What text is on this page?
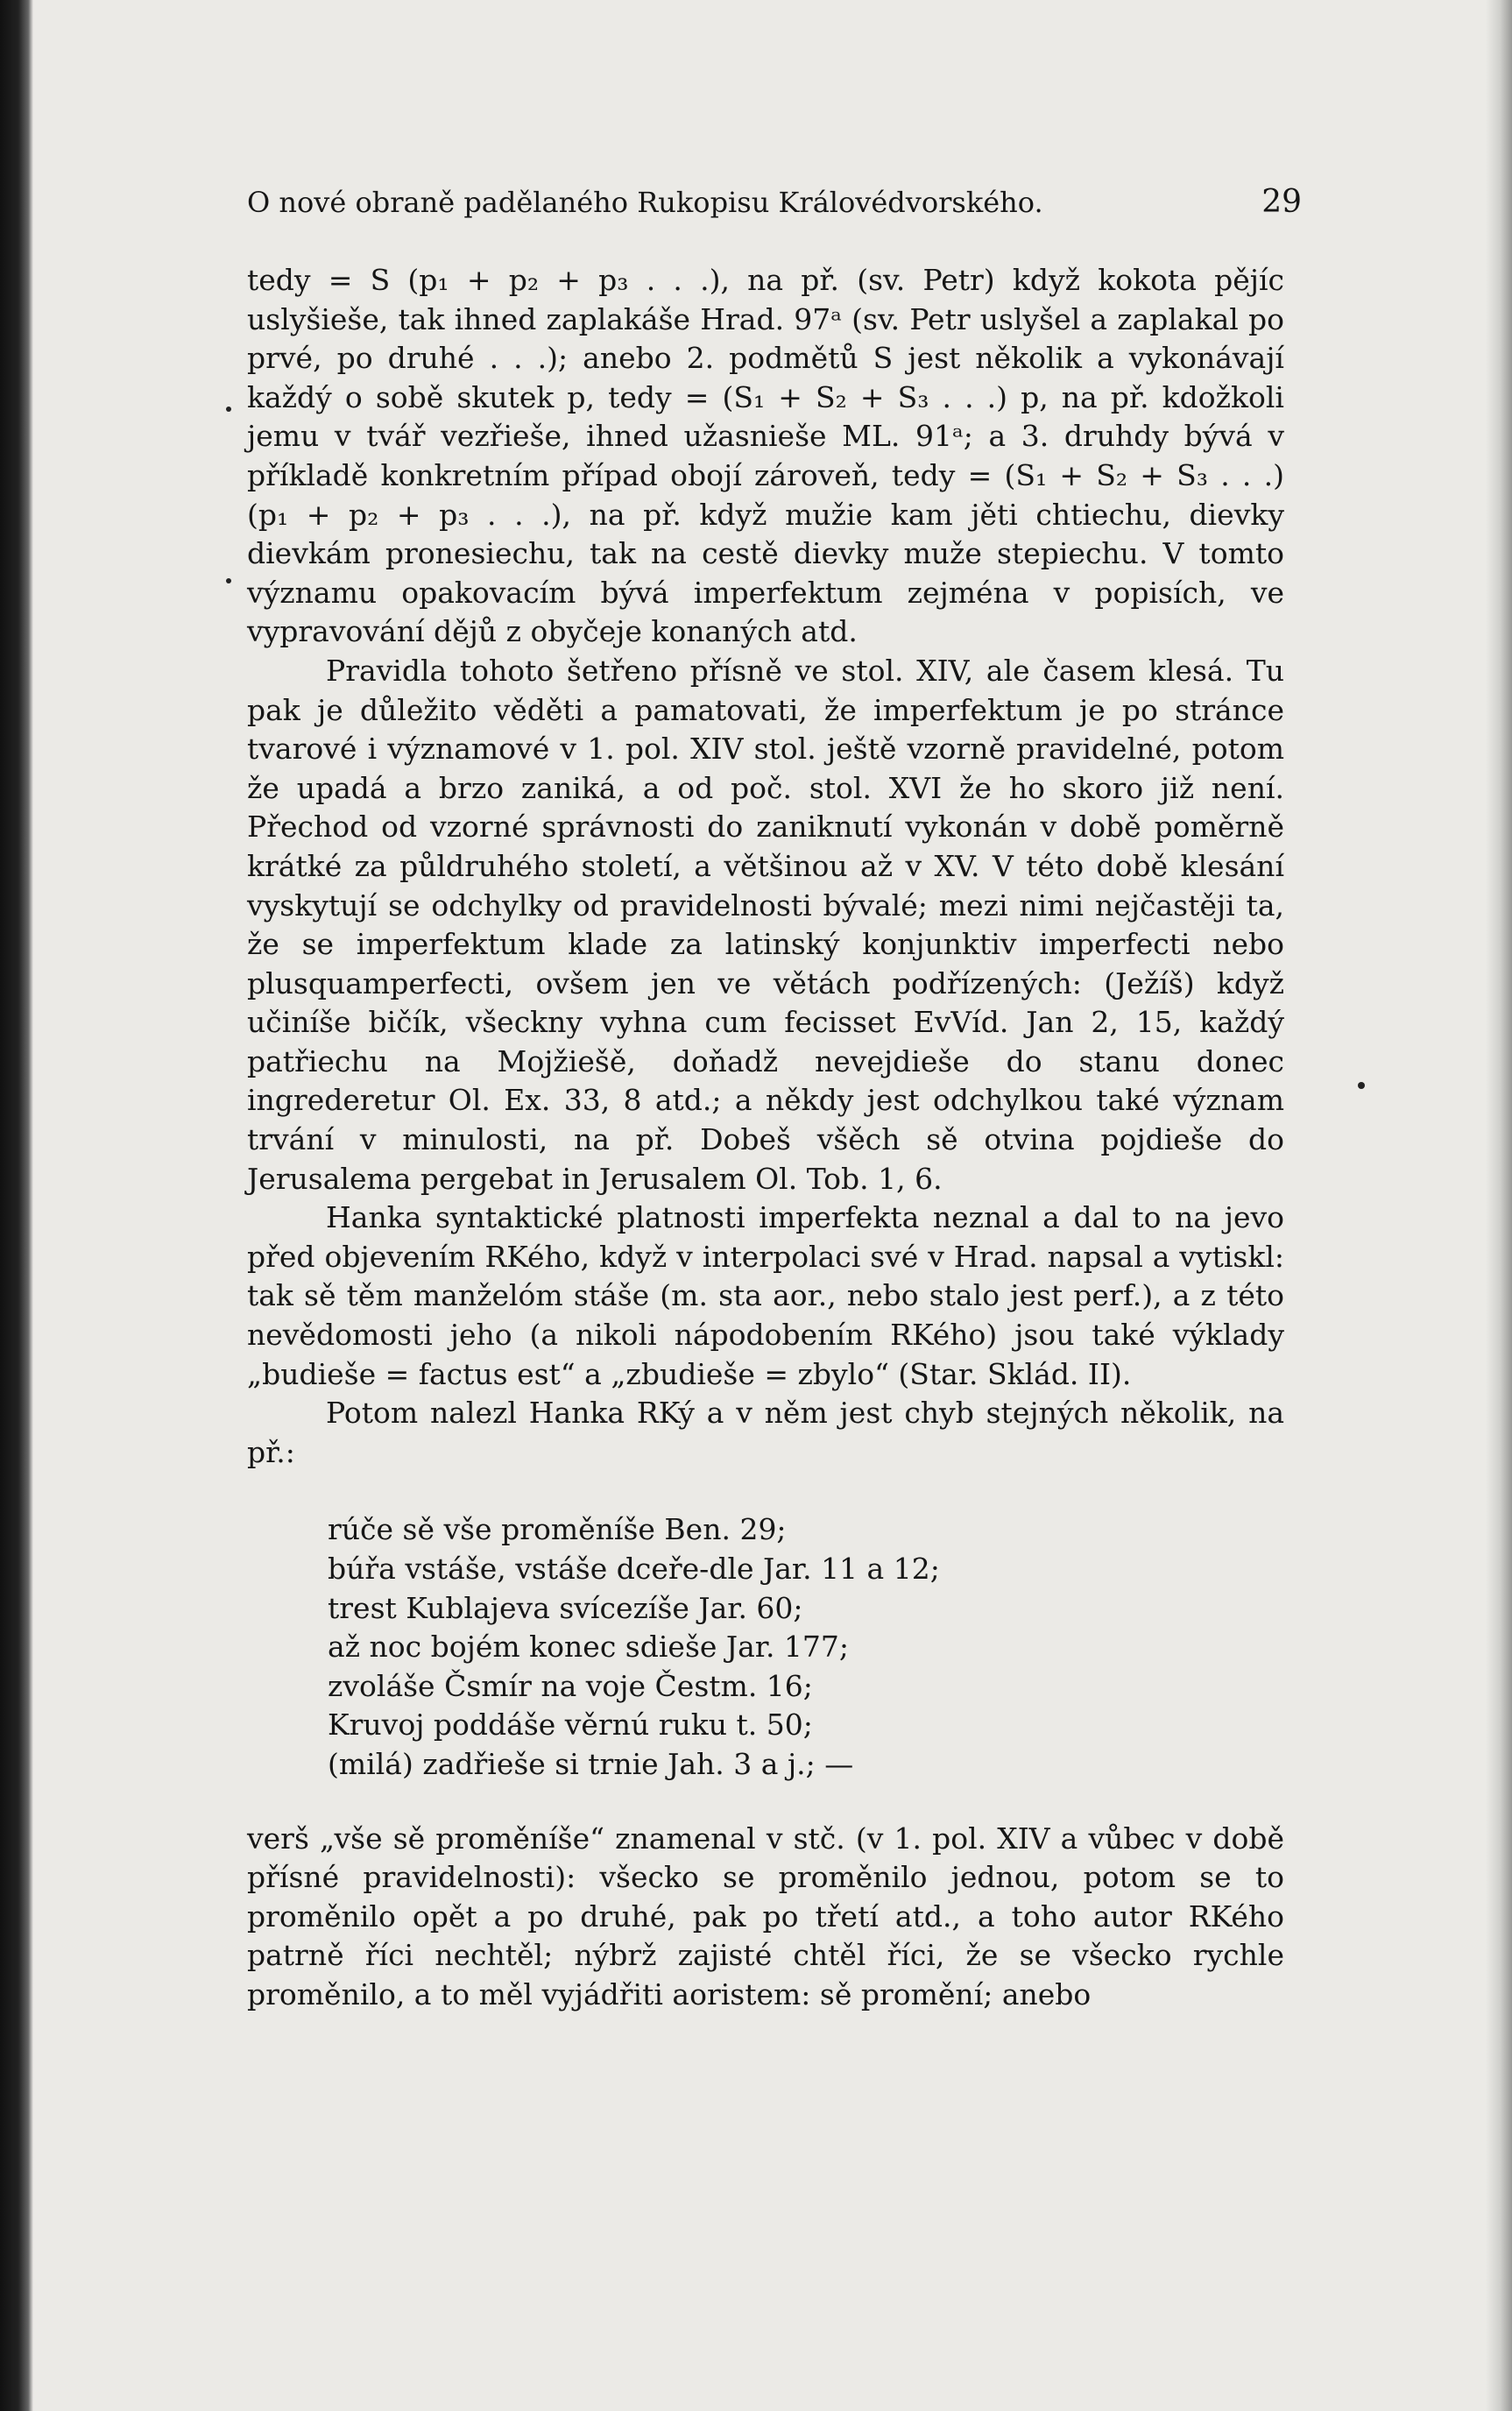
O nové obraně padělaného Rukopisu Královédvorského.	29

tedy = S (p₁ + p₂ + p₃ . . .), na př. (sv. Petr) když kokota pějíc uslyšieše, tak ihned zaplakáše Hrad. 97ᵃ (sv. Petr uslyšel a zaplakal po prvé, po druhé . . .); anebo 2. podmětů S jest několik a vykonávají každý o sobě skutek p, tedy = (S₁ + S₂ + S₃ . . .) p, na př. kdožkoli jemu v tvář vezřieše, ihned užasnieše ML. 91ᵃ; a 3. druhdy bývá v příkladě konkretním případ obojí zároveň, tedy = (S₁ + S₂ + S₃ . . .) (p₁ + p₂ + p₃ . . .), na př. když mužie kam jěti chtiechu, dievky dievkám pronesiechu, tak na cestě dievky muže stepiechu. V tomto významu opakovacím bývá imperfektum zejména v popisích, ve vypravování dějů z obyčeje konaných atd.

Pravidla tohoto šetřeno přísně ve stol. XIV, ale časem klesá. Tu pak je důležito věděti a pamatovati, že imperfektum je po stránce tvarové i významové v 1. pol. XIV stol. ještě vzorně pravidelné, potom že upadá a brzo zaniká, a od poč. stol. XVI že ho skoro již není. Přechod od vzorné správnosti do zaniknutí vykonán v době poměrně krátké za půldruhého století, a většinou až v XV. V této době klesání vyskytují se odchylky od pravidelnosti bývalé; mezi nimi nejčastěji ta, že se imperfektum klade za latinský konjunktiv imperfecti nebo plusquamperfecti, ovšem jen ve větách podřízených: (Ježíš) když učiníše bičík, všeckny vyhna cum fecisset EvVíd. Jan 2, 15, každý patřiechu na Mojžiešě, doňadž nevejdieše do stanu donec ingrederetur Ol. Ex. 33, 8 atd.; a někdy jest odchylkou také význam trvání v minulosti, na př. Dobeš všěch sě otvina pojdieše do Jerusalema pergebat in Jerusalem Ol. Tob. 1, 6.

Hanka syntaktické platnosti imperfekta neznal a dal to na jevo před objevením RKého, když v interpolaci své v Hrad. napsal a vytiskl: tak sě těm manželóm stáše (m. sta aor., nebo stalo jest perf.), a z této nevědomosti jeho (a nikoli nápodobením RKého) jsou také výklady „budieše = factus est“ a „zbudieše = zbylo“ (Star. Sklád. II).

Potom nalezl Hanka RKý a v něm jest chyb stejných několik, na př.:

rúče sě vše proměníše Ben. 29;
búřa vstáše, vstáše dceře-dle Jar. 11 a 12;
trest Kublajeva svícezíše Jar. 60;
až noc bojém konec sdieše Jar. 177;
zvoláše Čsmír na voje Čestm. 16;
Kruvoj poddáše věrnú ruku t. 50;
(milá) zadřieše si trnie Jah. 3 a j.; —

verš „vše sě proměníše“ znamenal v stč. (v 1. pol. XIV a vůbec v době přísné pravidelnosti): všecko se proměnilo jednou, potom se to proměnilo opět a po druhé, pak po třetí atd., a toho autor RKého patrně říci nechtěl; nýbrž zajisté chtěl říci, že se všecko rychle proměnilo, a to měl vyjádřiti aoristem: sě promění; anebo
